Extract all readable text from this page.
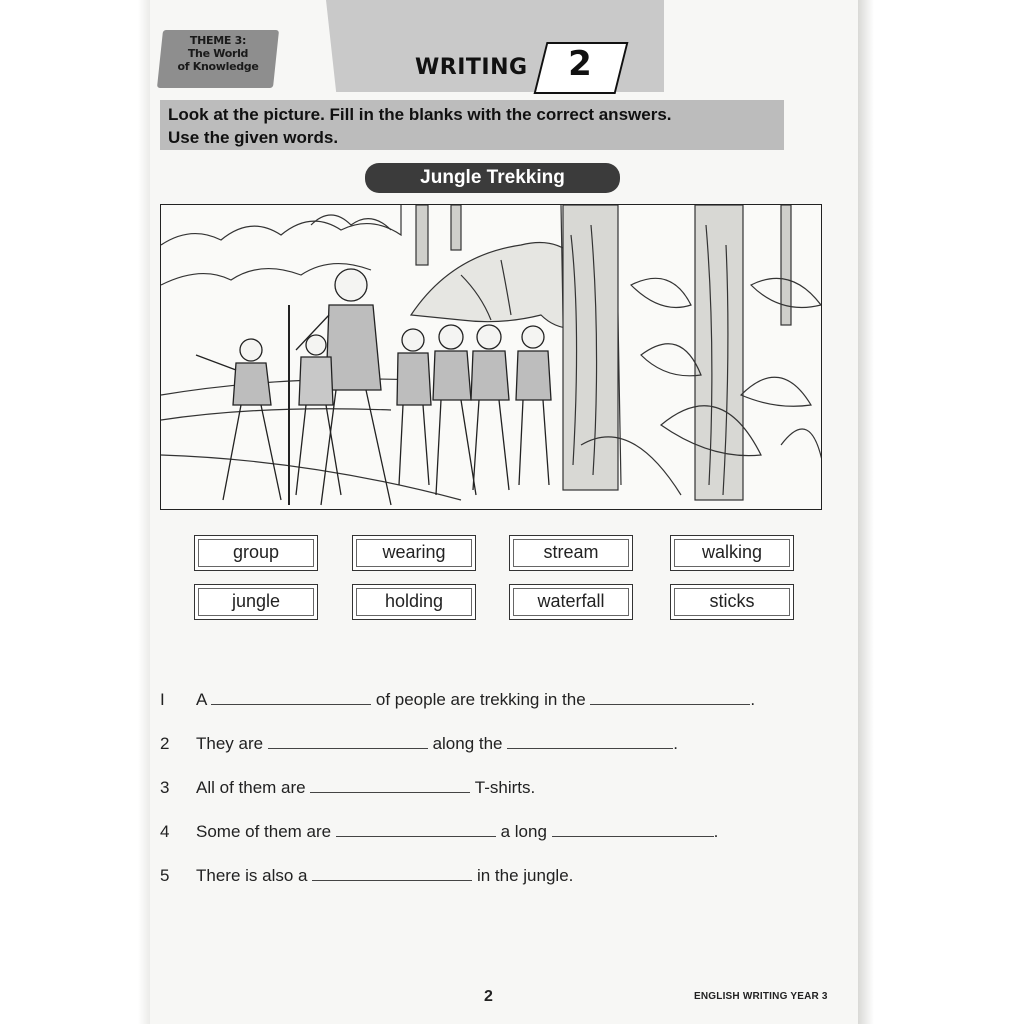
THEME 3:
The World
of Knowledge	WRITING	2
Look at the picture. Fill in the blanks with the correct answers.
Use the given words.
Jungle Trekking
group	wearing	stream	walking
jungle	holding	waterfall	sticks
I	A	of people are trekking in the	.
2	They are	along the	.
3	All of them are	T-shirts.
4	Some of them are	a long	.
5	There is also a	in the jungle.
2	ENGLISH WRITING YEAR 3
